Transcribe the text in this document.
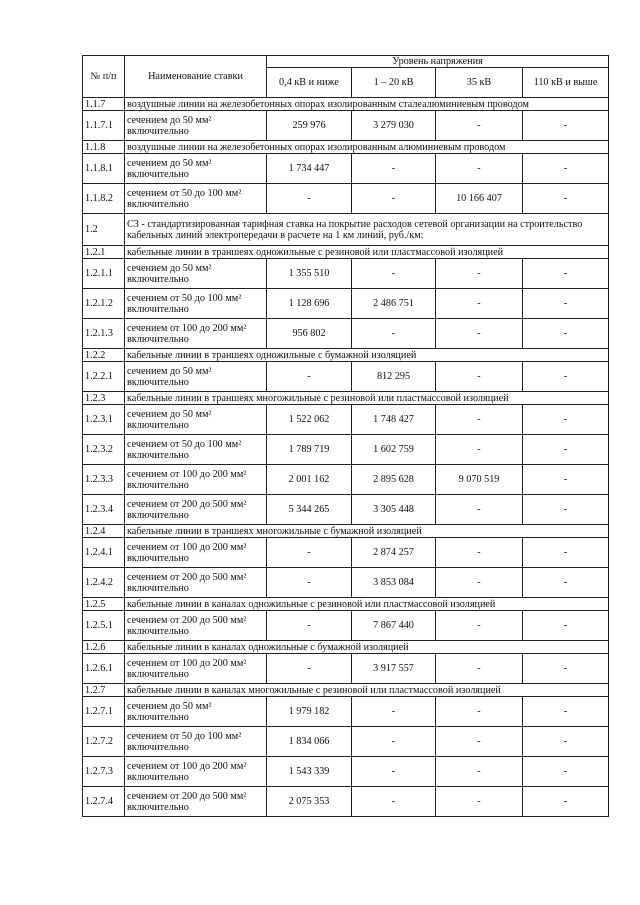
№ п/п	Наименование ставки	Уровень напряжения			
		0,4 кВ и ниже	1 – 20 кВ	35 кВ	110 кВ и выше
1.1.7	воздушные линии на железобетонных опорах изолированным сталеалюминиевым проводом				
1.1.7.1	сечением до 50 мм² включительно	259 976	3 279 030	-	-
1.1.8	воздушные линии на железобетонных опорах изолированным алюминиевым проводом				
1.1.8.1	сечением до 50 мм² включительно	1 734 447	-	-	-
1.1.8.2	сечением от 50 до 100 мм² включительно	-	-	10 166 407	-
1.2	С3 - стандартизированная тарифная ставка на покрытие расходов сетевой организации на строительство кабельных линий электропередачи в расчете на 1 км линий, руб./км:				
1.2.1	кабельные линии в траншеях одножильные с резиновой или пластмассовой изоляцией				
1.2.1.1	сечением до 50 мм² включительно	1 355 510	-	-	-
1.2.1.2	сечением от 50 до 100 мм² включительно	1 128 696	2 486 751	-	-
1.2.1.3	сечением от 100 до 200 мм² включительно	956 802	-	-	-
1.2.2	кабельные линии в траншеях одножильные с бумажной изоляцией				
1.2.2.1	сечением до 50 мм² включительно	-	812 295	-	-
1.2.3	кабельные линии в траншеях многожильные с резиновой или пластмассовой изоляцией				
1.2.3.1	сечением до 50 мм² включительно	1 522 062	1 748 427	-	-
1.2.3.2	сечением от 50 до 100 мм² включительно	1 789 719	1 602 759	-	-
1.2.3.3	сечением от 100 до 200 мм² включительно	2 001 162	2 895 628	9 070 519	-
1.2.3.4	сечением от 200 до 500 мм² включительно	5 344 265	3 305 448	-	-
1.2.4	кабельные линии в траншеях многожильные с бумажной изоляцией				
1.2.4.1	сечением от 100 до 200 мм² включительно	-	2 874 257	-	-
1.2.4.2	сечением от 200 до 500 мм² включительно	-	3 853 084	-	-
1.2.5	кабельные линии в каналах одножильные с резиновой или пластмассовой изоляцией				
1.2.5.1	сечением от 200 до 500 мм² включительно	-	7 867 440	-	-
1.2.6	кабельные линии в каналах одножильные с бумажной изоляцией				
1.2.6.1	сечением от 100 до 200 мм² включительно	-	3 917 557	-	-
1.2.7	кабельные линии в каналах многожильные с резиновой или пластмассовой изоляцией				
1.2.7.1	сечением до 50 мм² включительно	1 979 182	-	-	-
1.2.7.2	сечением от 50 до 100 мм² включительно	1 834 066	-	-	-
1.2.7.3	сечением от 100 до 200 мм² включительно	1 543 339	-	-	-
1.2.7.4	сечением от 200 до 500 мм² включительно	2 075 353	-	-	-
